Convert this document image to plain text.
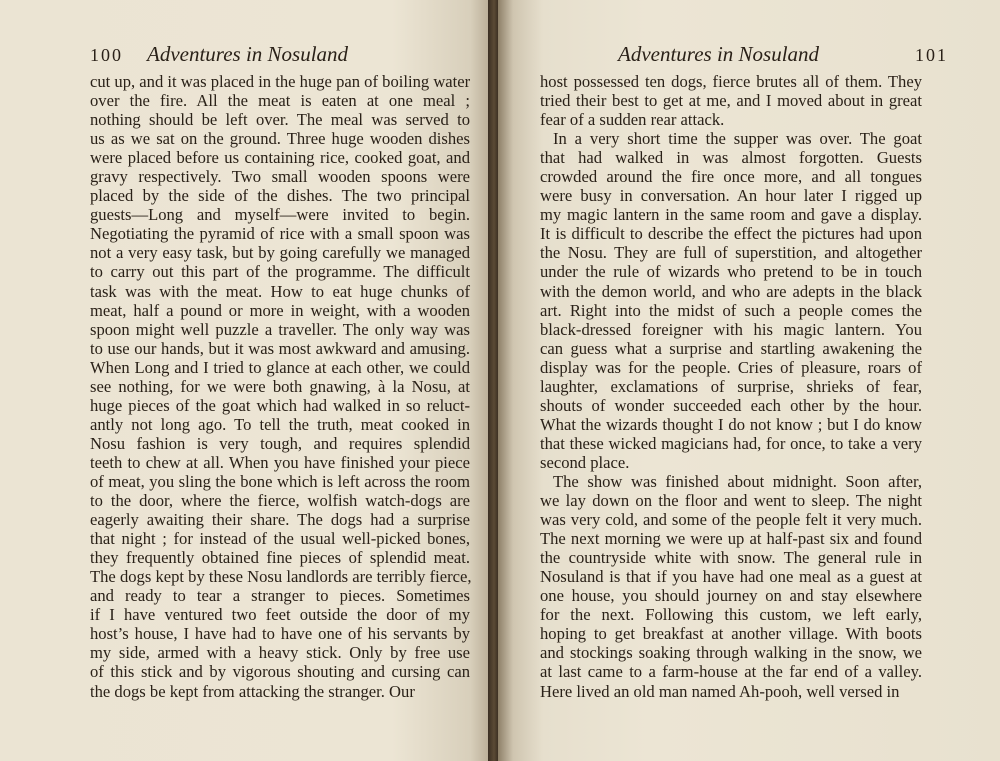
100 Adventures in Nosuland
cut up, and it was placed in the huge pan of boiling water
over the fire. All the meat is eaten at one meal ;
nothing should be left over. The meal was served to
us as we sat on the ground. Three huge wooden dishes
were placed before us containing rice, cooked goat, and
gravy respectively. Two small wooden spoons were
placed by the side of the dishes. The two principal
guests—Long and myself—were invited to begin.
Negotiating the pyramid of rice with a small spoon was
not a very easy task, but by going carefully we managed
to carry out this part of the programme. The difficult
task was with the meat. How to eat huge chunks of
meat, half a pound or more in weight, with a wooden
spoon might well puzzle a traveller. The only way was
to use our hands, but it was most awkward and amusing.
When Long and I tried to glance at each other, we could
see nothing, for we were both gnawing, à la Nosu, at
huge pieces of the goat which had walked in so reluct-
antly not long ago. To tell the truth, meat cooked in
Nosu fashion is very tough, and requires splendid
teeth to chew at all. When you have finished your piece
of meat, you sling the bone which is left across the room
to the door, where the fierce, wolfish watch-dogs are
eagerly awaiting their share. The dogs had a surprise
that night ; for instead of the usual well-picked bones,
they frequently obtained fine pieces of splendid meat.
The dogs kept by these Nosu landlords are terribly fierce,
and ready to tear a stranger to pieces. Sometimes
if I have ventured two feet outside the door of my
host’s house, I have had to have one of his servants by
my side, armed with a heavy stick. Only by free use
of this stick and by vigorous shouting and cursing can
the dogs be kept from attacking the stranger. Our
Adventures in Nosuland	101
host possessed ten dogs, fierce brutes all of them. They
tried their best to get at me, and I moved about in great
fear of a sudden rear attack.
In a very short time the supper was over. The goat
that had walked in was almost forgotten. Guests
crowded around the fire once more, and all tongues
were busy in conversation. An hour later I rigged up
my magic lantern in the same room and gave a display.
It is difficult to describe the effect the pictures had upon
the Nosu. They are full of superstition, and altogether
under the rule of wizards who pretend to be in touch
with the demon world, and who are adepts in the black
art. Right into the midst of such a people comes the
black-dressed foreigner with his magic lantern. You
can guess what a surprise and startling awakening the
display was for the people. Cries of pleasure, roars of
laughter, exclamations of surprise, shrieks of fear,
shouts of wonder succeeded each other by the hour.
What the wizards thought I do not know ; but I do know
that these wicked magicians had, for once, to take a very
second place.
The show was finished about midnight. Soon after,
we lay down on the floor and went to sleep. The night
was very cold, and some of the people felt it very much.
The next morning we were up at half-past six and found
the countryside white with snow. The general rule in
Nosuland is that if you have had one meal as a guest at
one house, you should journey on and stay elsewhere
for the next. Following this custom, we left early,
hoping to get breakfast at another village. With boots
and stockings soaking through walking in the snow, we
at last came to a farm-house at the far end of a valley.
Here lived an old man named Ah-pooh, well versed in
